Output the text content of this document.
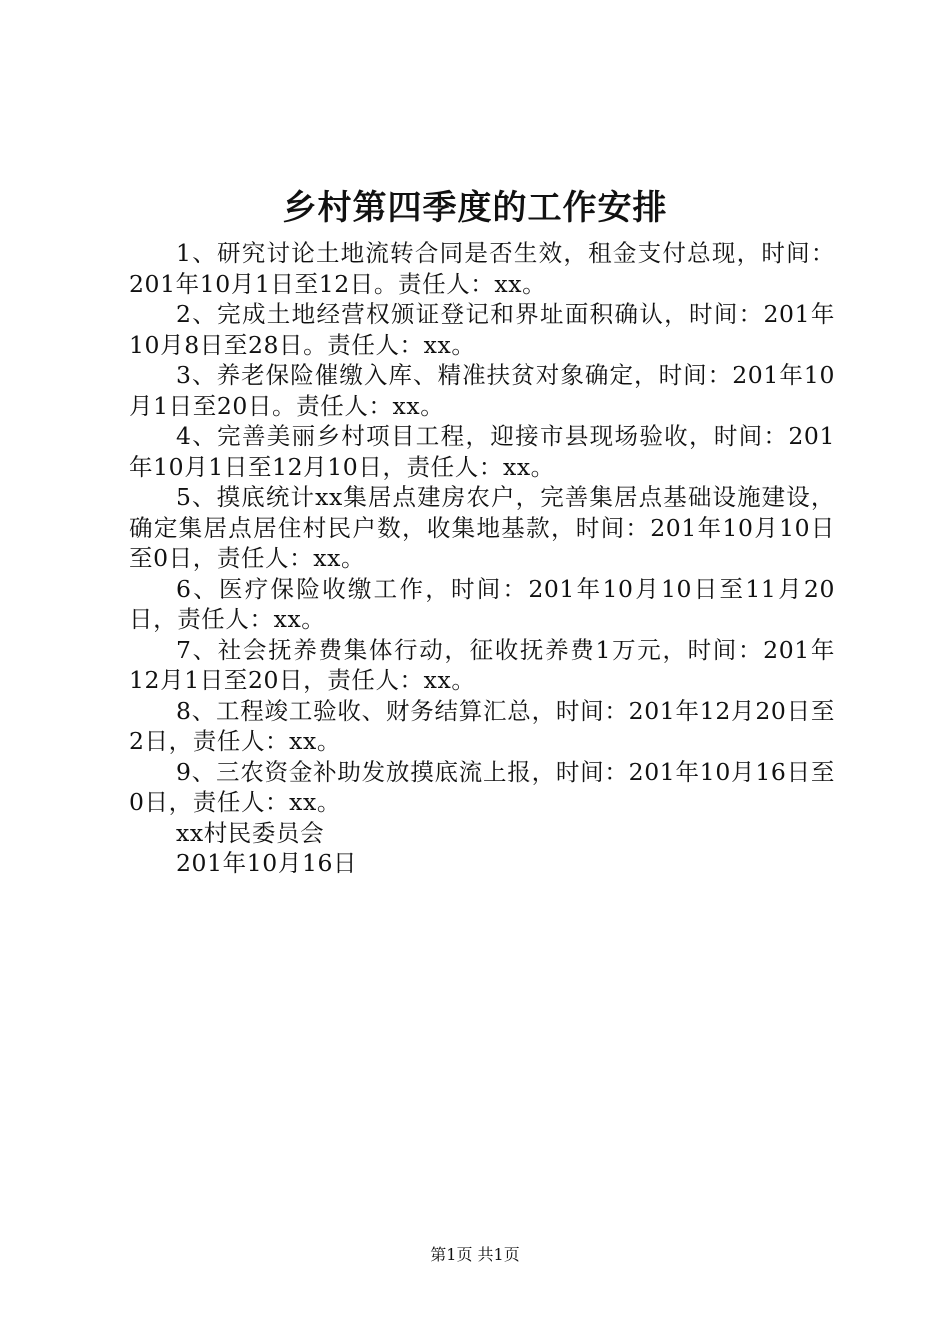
乡村第四季度的工作安排

1、研究讨论土地流转合同是否生效，租金支付总现，时间：201年10月1日至12日。责任人：xx。

2、完成土地经营权颁证登记和界址面积确认，时间：201年10月8日至28日。责任人：xx。

3、养老保险催缴入库、精准扶贫对象确定，时间：201年10月1日至20日。责任人：xx。

4、完善美丽乡村项目工程，迎接市县现场验收，时间：201年10月1日至12月10日，责任人：xx。

5、摸底统计xx集居点建房农户，完善集居点基础设施建设，确定集居点居住村民户数，收集地基款，时间：201年10月10日至0日，责任人：xx。

6、医疗保险收缴工作，时间：201年10月10日至11月20日，责任人：xx。

7、社会抚养费集体行动，征收抚养费1万元，时间：201年12月1日至20日，责任人：xx。

8、工程竣工验收、财务结算汇总，时间：201年12月20日至2日，责任人：xx。

9、三农资金补助发放摸底流上报，时间：201年10月16日至0日，责任人：xx。

xx村民委员会

201年10月16日

第1页 共1页
